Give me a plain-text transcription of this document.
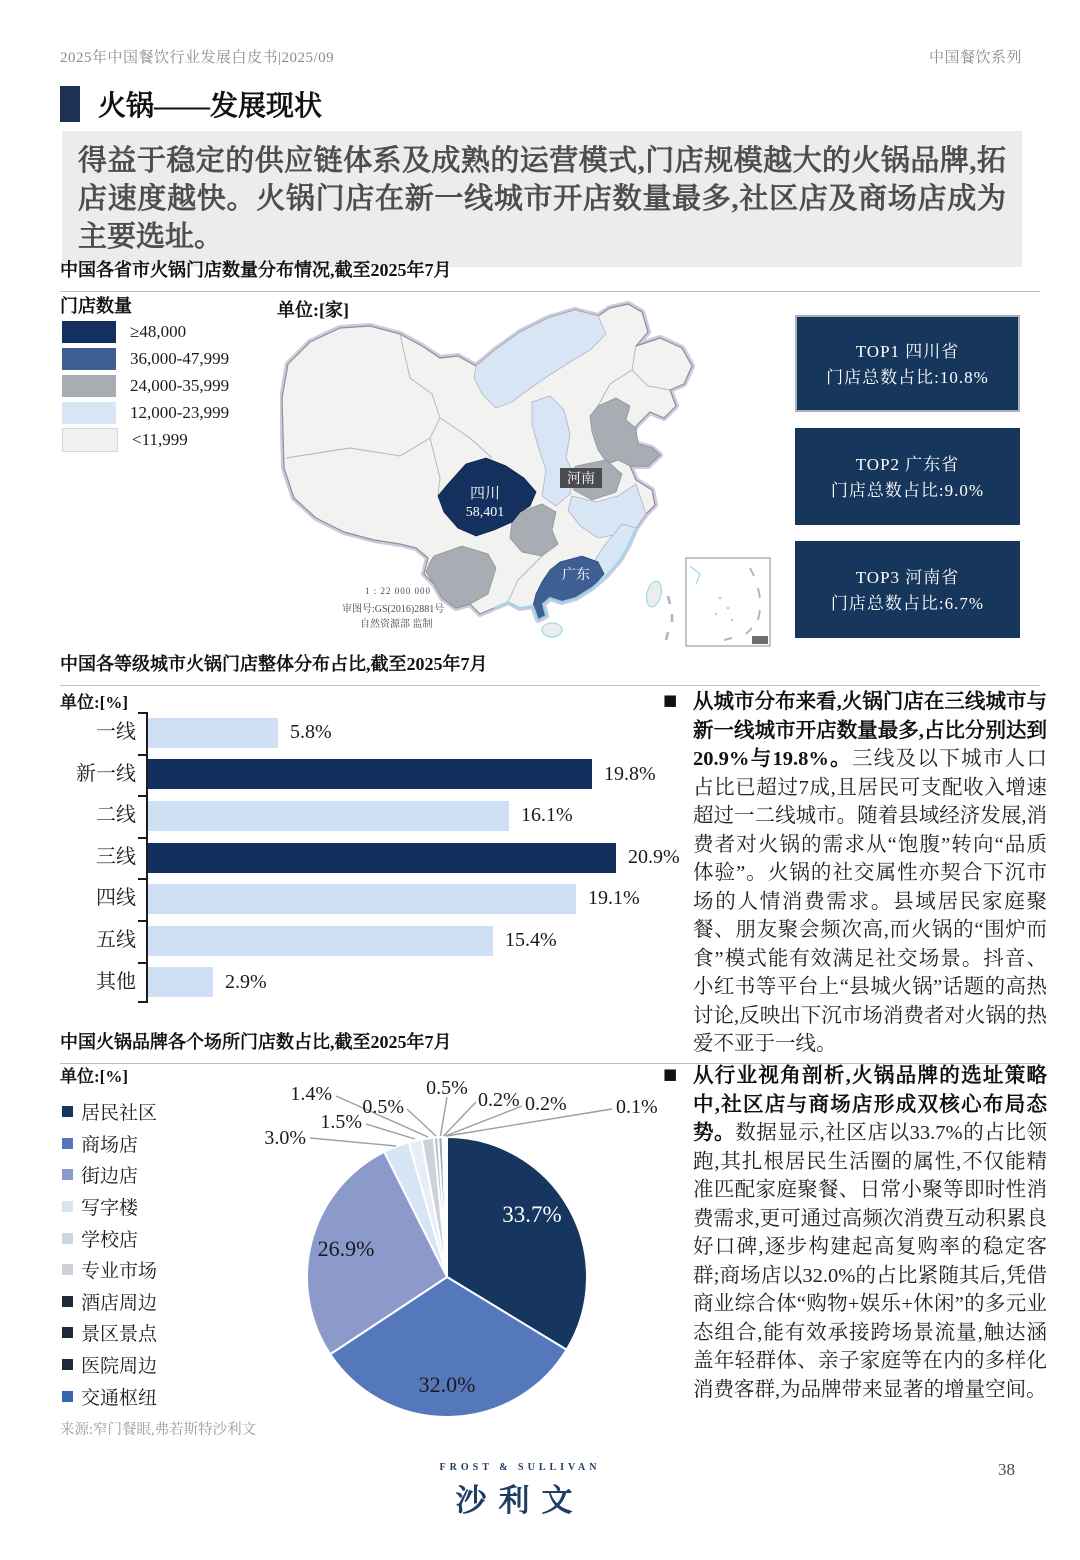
2025年中国餐饮行业发展白皮书|2025/09	中国餐饮系列
火锅——发展现状
得益于稳定的供应链体系及成熟的运营模式,门店规模越大的火锅品牌,拓店速度越快。火锅门店在新一线城市开店数量最多,社区店及商场店成为主要选址。
中国各省市火锅门店数量分布情况,截至2025年7月
门店数量
≥48,000
36,000-47,999
24,000-35,999
12,000-23,999
<11,999
单位:[家]
四川
58,401
河南
广东
1 : 22 000 000
审图号:GS(2016)2881号
自然资源部 监制
TOP1 四川省
门店总数占比:10.8%
TOP2 广东省
门店总数占比:9.0%
TOP3 河南省
门店总数占比:6.7%
中国各等级城市火锅门店整体分布占比,截至2025年7月
单位:[%]
一线	5.8%
新一线	19.8%
二线	16.1%
三线	20.9%
四线	19.1%
五线	15.4%
其他	2.9%
■ 从城市分布来看,火锅门店在三线城市与新一线城市开店数量最多,占比分别达到20.9%与19.8%。三线及以下城市人口占比已超过7成,且居民可支配收入增速超过一二线城市。随着县域经济发展,消费者对火锅的需求从“饱腹”转向“品质体验”。火锅的社交属性亦契合下沉市场的人情消费需求。县域居民家庭聚餐、朋友聚会频次高,而火锅的“围炉而食”模式能有效满足社交场景。抖音、小红书等平台上“县城火锅”话题的高热讨论,反映出下沉市场消费者对火锅的热爱不亚于一线。
中国火锅品牌各个场所门店数占比,截至2025年7月
单位:[%]
居民社区
商场店
街边店
写字楼
学校店
专业市场
酒店周边
景区景点
医院周边
交通枢纽
3.0%
1.5%
1.4%
0.5%
0.5%
0.2% 0.2% 0.1%
33.7%
26.9%
32.0%
■ 从行业视角剖析,火锅品牌的选址策略中,社区店与商场店形成双核心布局态势。数据显示,社区店以33.7%的占比领跑,其扎根居民生活圈的属性,不仅能精准匹配家庭聚餐、日常小聚等即时性消费需求,更可通过高频次消费互动积累良好口碑,逐步构建起高复购率的稳定客群;商场店以32.0%的占比紧随其后,凭借商业综合体“购物+娱乐+休闲”的多元业态组合,能有效承接跨场景流量,触达涵盖年轻群体、亲子家庭等在内的多样化消费客群,为品牌带来显著的增量空间。
来源:窄门餐眼,弗若斯特沙利文
FROST & SULLIVAN
沙利文
38
